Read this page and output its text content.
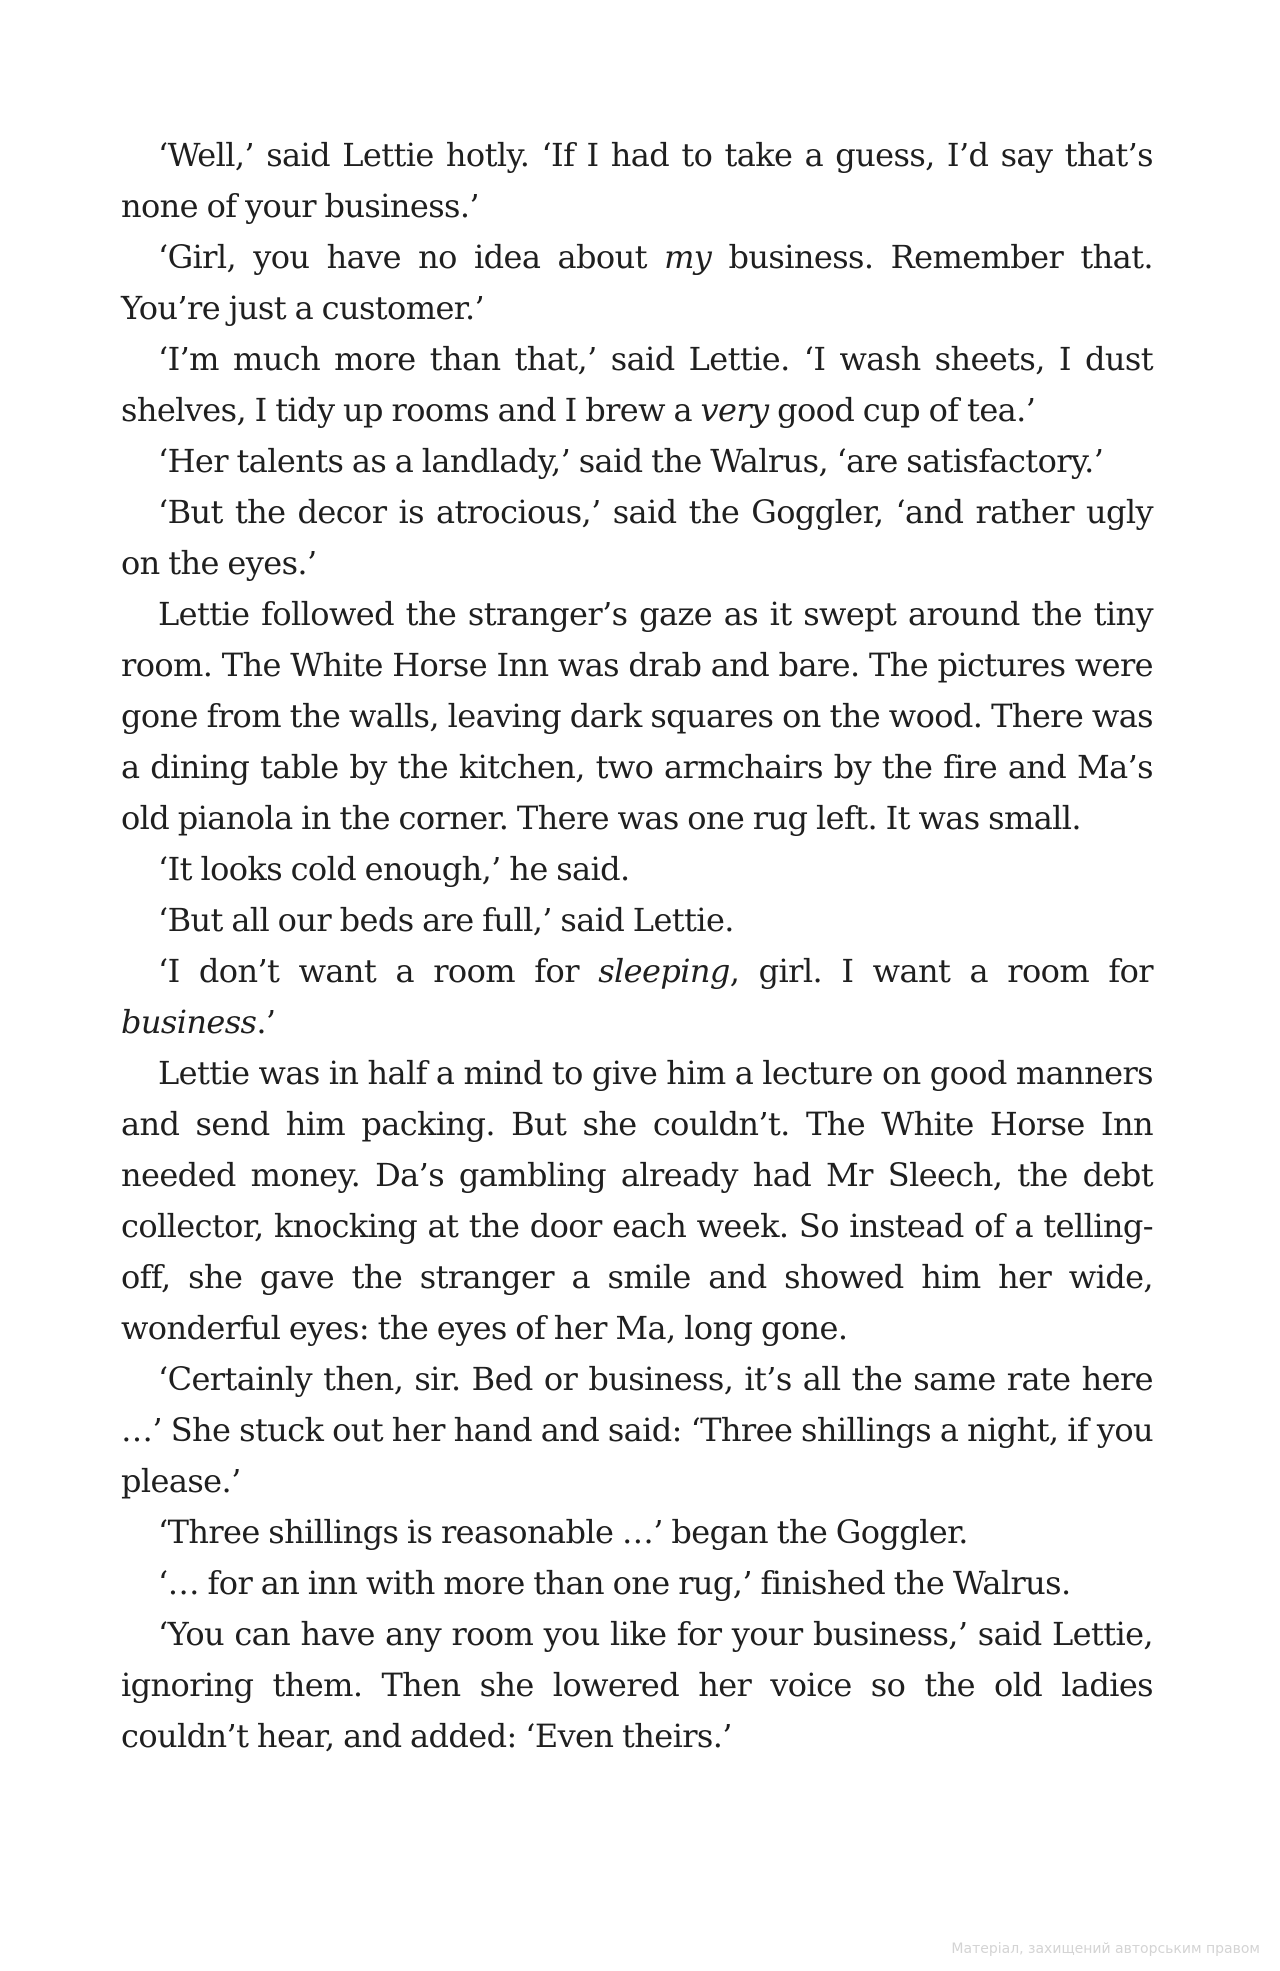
‘Well,’ said Lettie hotly. ‘If I had to take a guess, I’d say that’s none of your business.’

‘Girl, you have no idea about my business. Remember that. You’re just a customer.’

‘I’m much more than that,’ said Lettie. ‘I wash sheets, I dust shelves, I tidy up rooms and I brew a very good cup of tea.’

‘Her talents as a landlady,’ said the Walrus, ‘are satisfactory.’

‘But the decor is atrocious,’ said the Goggler, ‘and rather ugly on the eyes.’

Lettie followed the stranger’s gaze as it swept around the tiny room. The White Horse Inn was drab and bare. The pictures were gone from the walls, leaving dark squares on the wood. There was a dining table by the kitchen, two armchairs by the fire and Ma’s old pianola in the corner. There was one rug left. It was small.

‘It looks cold enough,’ he said.

‘But all our beds are full,’ said Lettie.

‘I don’t want a room for sleeping, girl. I want a room for business.’

Lettie was in half a mind to give him a lecture on good manners and send him packing. But she couldn’t. The White Horse Inn needed money. Da’s gambling already had Mr Sleech, the debt collector, knocking at the door each week. So instead of a telling-off, she gave the stranger a smile and showed him her wide, wonderful eyes: the eyes of her Ma, long gone.

‘Certainly then, sir. Bed or business, it’s all the same rate here …’ She stuck out her hand and said: ‘Three shillings a night, if you please.’

‘Three shillings is reasonable …’ began the Goggler.

‘… for an inn with more than one rug,’ finished the Walrus.

‘You can have any room you like for your business,’ said Lettie, ignoring them. Then she lowered her voice so the old ladies couldn’t hear, and added: ‘Even theirs.’

Матеріал, захищений авторським правом
